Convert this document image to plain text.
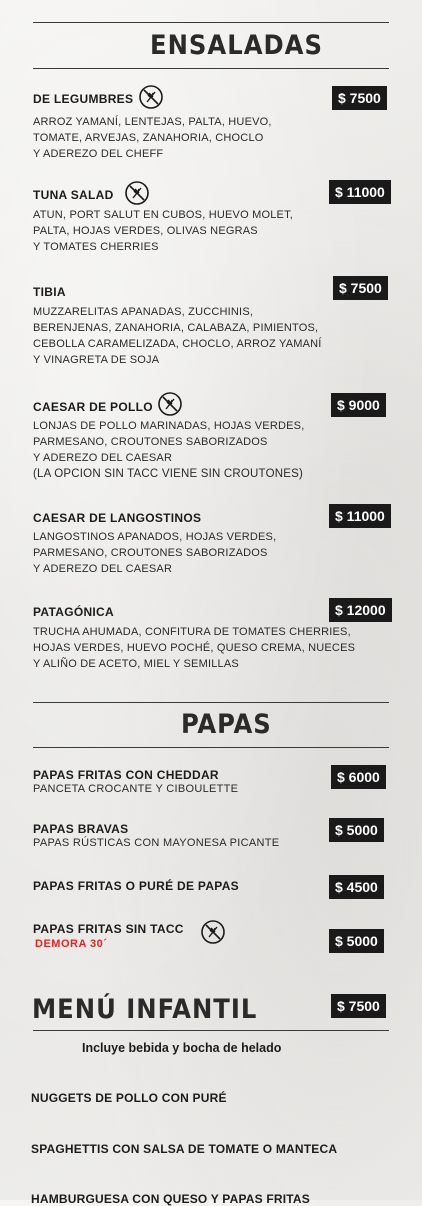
ENSALADAS
DE LEGUMBRES	$ 7500
ARROZ YAMANÍ, LENTEJAS, PALTA, HUEVO,
TOMATE, ARVEJAS, ZANAHORIA, CHOCLO
Y ADEREZO DEL CHEFF
TUNA SALAD	$ 11000
ATUN, PORT SALUT EN CUBOS, HUEVO MOLET,
PALTA, HOJAS VERDES, OLIVAS NEGRAS
Y TOMATES CHERRIES
TIBIA	$ 7500
MUZZARELITAS APANADAS, ZUCCHINIS,
BERENJENAS, ZANAHORIA, CALABAZA, PIMIENTOS,
CEBOLLA CARAMELIZADA, CHOCLO, ARROZ YAMANÍ
Y VINAGRETA DE SOJA
CAESAR DE POLLO	$ 9000
LONJAS DE POLLO MARINADAS, HOJAS VERDES,
PARMESANO, CROUTONES SABORIZADOS
Y ADEREZO DEL CAESAR
(LA OPCION SIN TACC VIENE SIN CROUTONES)
CAESAR DE LANGOSTINOS	$ 11000
LANGOSTINOS APANADOS, HOJAS VERDES,
PARMESANO, CROUTONES SABORIZADOS
Y ADEREZO DEL CAESAR
PATAGÓNICA	$ 12000
TRUCHA AHUMADA, CONFITURA DE TOMATES CHERRIES,
HOJAS VERDES, HUEVO POCHÉ, QUESO CREMA, NUECES
Y ALIÑO DE ACETO, MIEL Y SEMILLAS
PAPAS
PAPAS FRITAS CON CHEDDAR
PANCETA CROCANTE Y CIBOULETTE
$ 6000
PAPAS BRAVAS
PAPAS RÚSTICAS CON MAYONESA PICANTE
$ 5000
PAPAS FRITAS O PURÉ DE PAPAS	$ 4500
PAPAS FRITAS SIN TACC
DEMORA 30´	$ 5000
MENÚ INFANTIL	$ 7500
Incluye bebida y bocha de helado
NUGGETS DE POLLO CON PURÉ
SPAGHETTIS CON SALSA DE TOMATE O MANTECA
HAMBURGUESA CON QUESO Y PAPAS FRITAS
